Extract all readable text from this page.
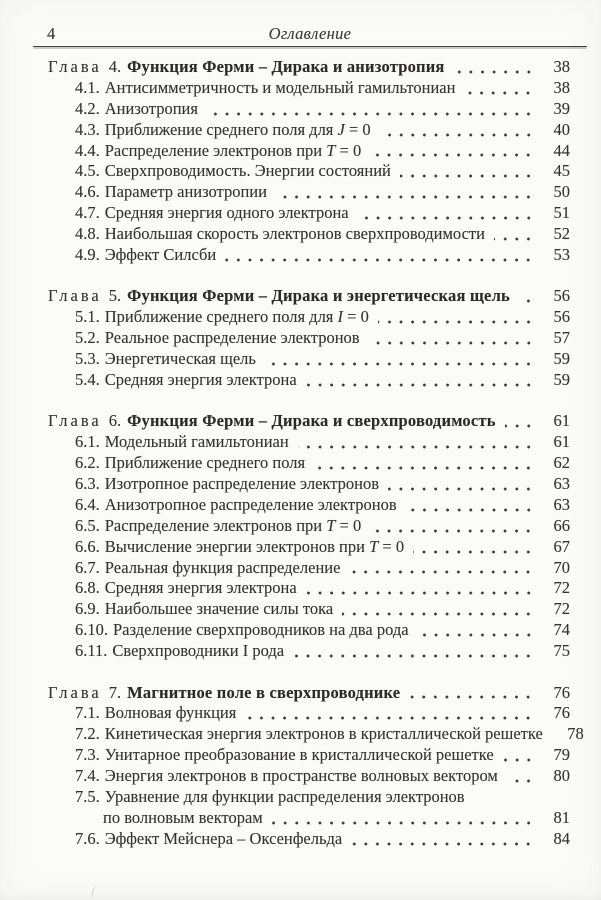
4	Оглавление
Глава 4. Функция Ферми – Дирака и анизотропия	38
4.1. Антисимметричность и модельный гамильтониан	38
4.2. Анизотропия	39
4.3. Приближение среднего поля для J = 0	40
4.4. Распределение электронов при T = 0	44
4.5. Сверхпроводимость. Энергии состояний	45
4.6. Параметр анизотропии	50
4.7. Средняя энергия одного электрона	51
4.8. Наибольшая скорость электронов сверхпроводимости	52
4.9. Эффект Силсби	53
Глава 5. Функция Ферми – Дирака и энергетическая щель	56
5.1. Приближение среднего поля для I = 0	56
5.2. Реальное распределение электронов	57
5.3. Энергетическая щель	59
5.4. Средняя энергия электрона	59
Глава 6. Функция Ферми – Дирака и сверхпроводимость	61
6.1. Модельный гамильтониан	61
6.2. Приближение среднего поля	62
6.3. Изотропное распределение электронов	63
6.4. Анизотропное распределение электронов	63
6.5. Распределение электронов при T = 0	66
6.6. Вычисление энергии электронов при T = 0	67
6.7. Реальная функция распределение	70
6.8. Средняя энергия электрона	72
6.9. Наибольшее значение силы тока	72
6.10. Разделение сверхпроводников на два рода	74
6.11. Сверхпроводники I рода	75
Глава 7. Магнитное поле в сверхпроводнике	76
7.1. Волновая функция	76
7.2. Кинетическая энергия электронов в кристаллической решетке	78
7.3. Унитарное преобразование в кристаллической решетке	79
7.4. Энергия электронов в пространстве волновых вектором	80
7.5. Уравнение для функции распределения электронов
по волновым векторам	81
7.6. Эффект Мейснера – Оксенфельда	84
